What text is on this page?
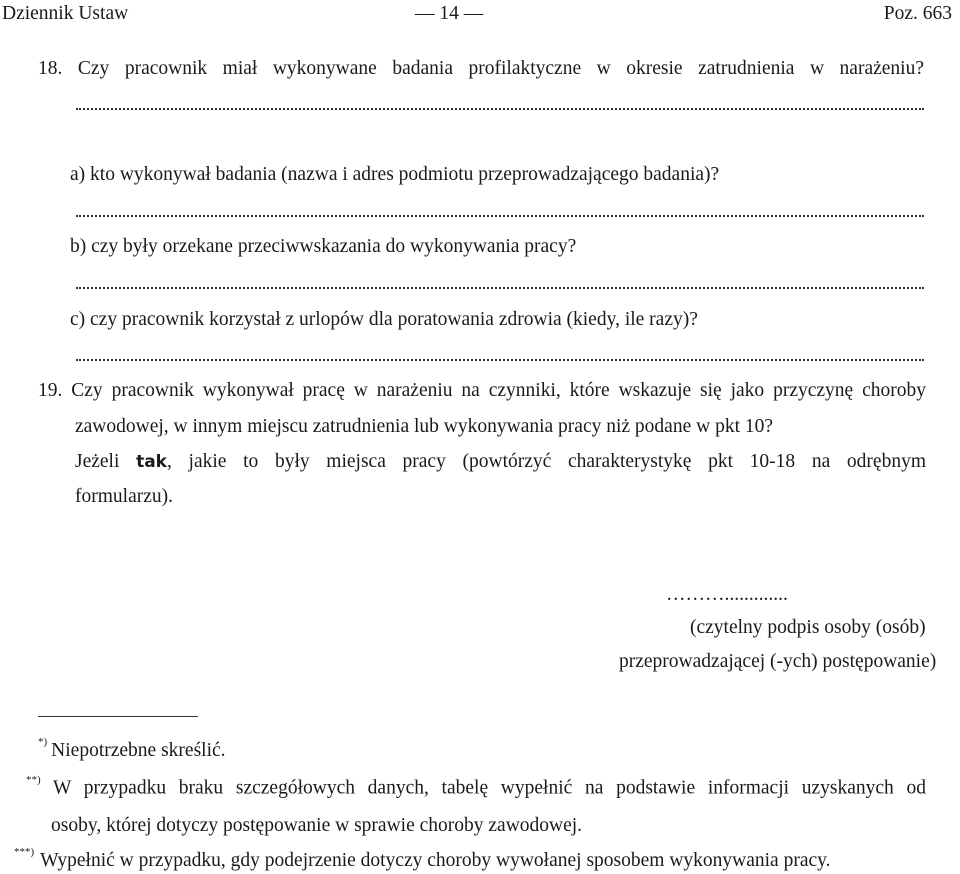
Dziennik Ustaw	— 14 —	Poz. 663
18. Czy pracownik miał wykonywane badania profilaktyczne w okresie zatrudnienia w narażeniu?
a) kto wykonywał badania (nazwa i adres podmiotu przeprowadzającego badania)?
b) czy były orzekane przeciwwskazania do wykonywania pracy?
c) czy pracownik korzystał z urlopów dla poratowania zdrowia (kiedy, ile razy)?
19. Czy pracownik wykonywał pracę w narażeniu na czynniki, które wskazuje się jako przyczynę choroby
zawodowej, w innym miejscu zatrudnienia lub wykonywania pracy niż podane w pkt 10?
Jeżeli tak, jakie to były miejsca pracy (powtórzyć charakterystykę pkt 10-18 na odrębnym
formularzu).
……….............
(czytelny podpis osoby (osób)
przeprowadzającej (-ych) postępowanie)
*) Niepotrzebne skreślić.
**) W przypadku braku szczegółowych danych, tabelę wypełnić na podstawie informacji uzyskanych od
osoby, której dotyczy postępowanie w sprawie choroby zawodowej.
***) Wypełnić w przypadku, gdy podejrzenie dotyczy choroby wywołanej sposobem wykonywania pracy.
